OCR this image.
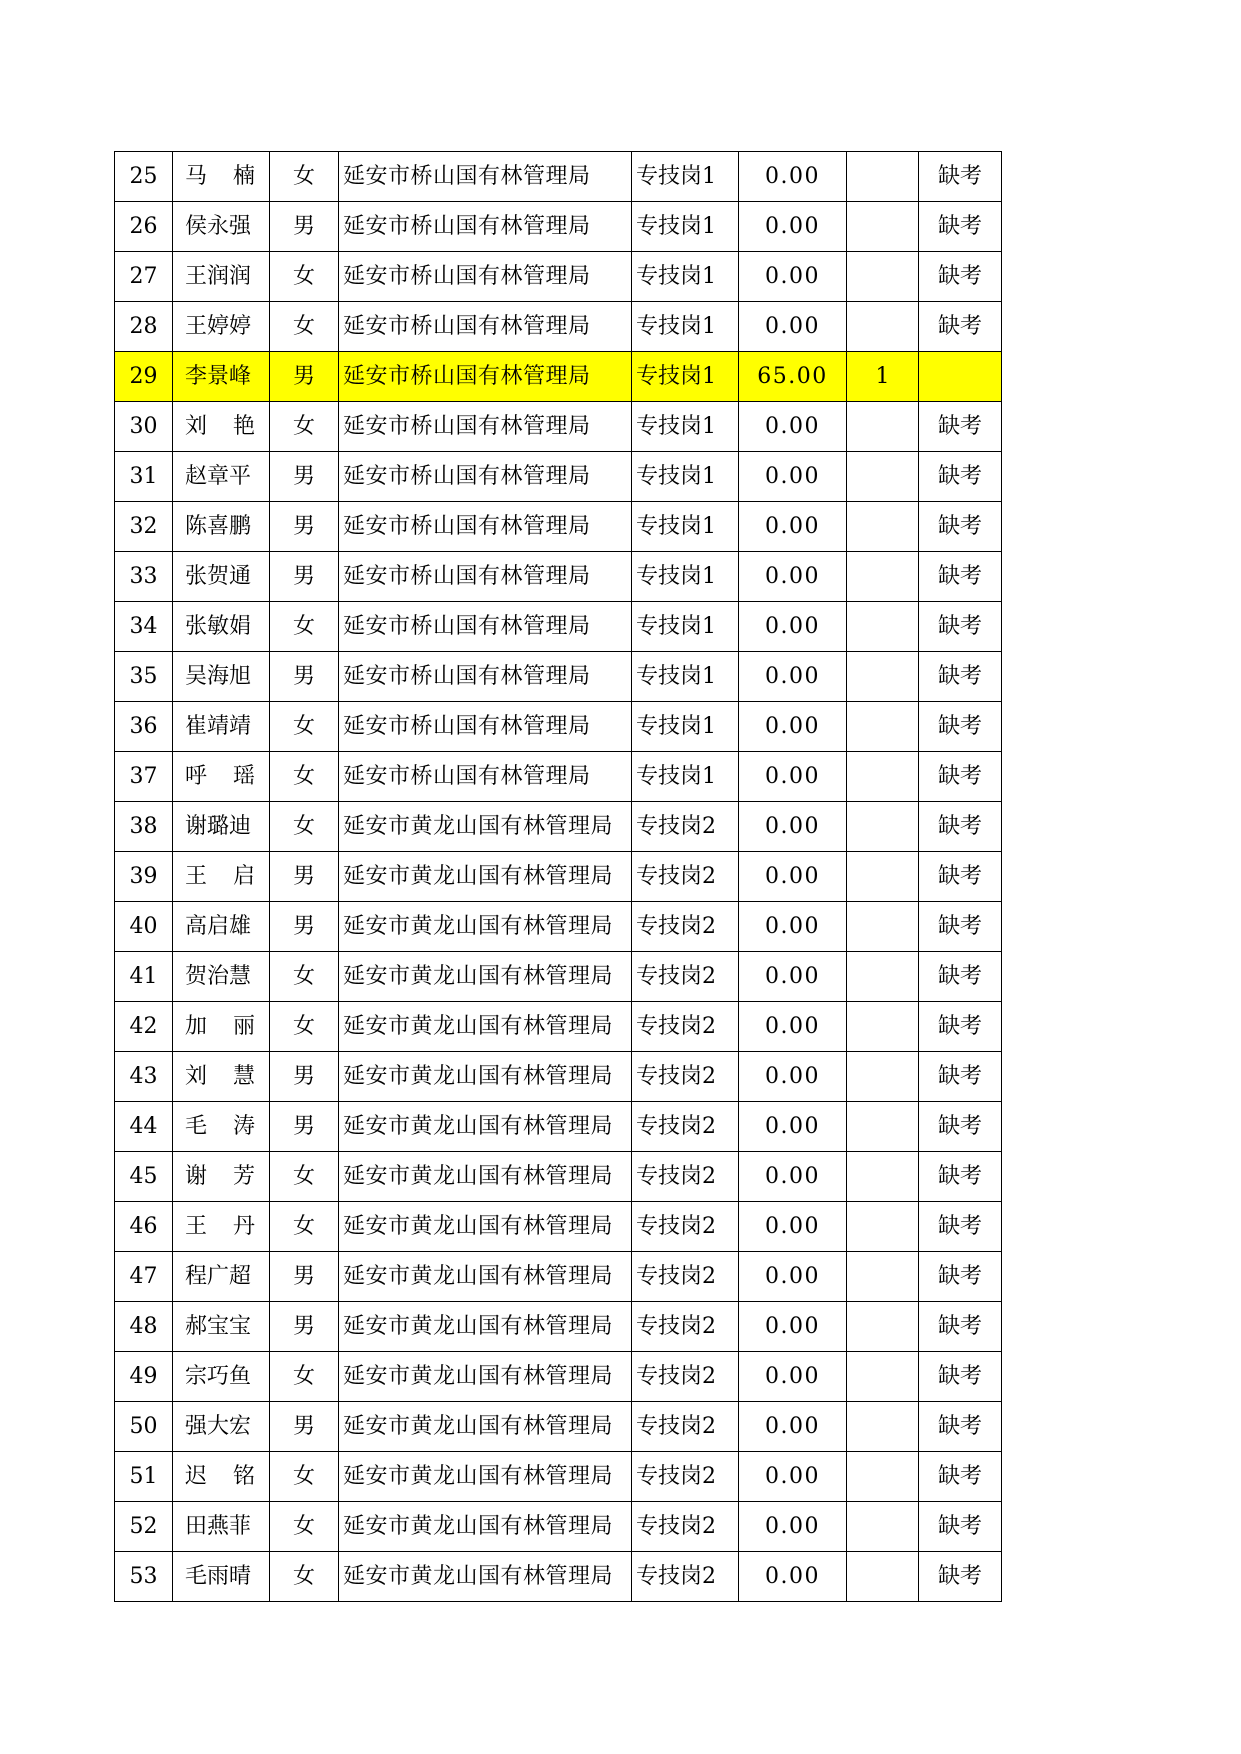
25	马 楠	女	延安市桥山国有林管理局	专技岗1	0.00		缺考
26	侯永强	男	延安市桥山国有林管理局	专技岗1	0.00		缺考
27	王润润	女	延安市桥山国有林管理局	专技岗1	0.00		缺考
28	王婷婷	女	延安市桥山国有林管理局	专技岗1	0.00		缺考
29	李景峰	男	延安市桥山国有林管理局	专技岗1	65.00	1	
30	刘 艳	女	延安市桥山国有林管理局	专技岗1	0.00		缺考
31	赵章平	男	延安市桥山国有林管理局	专技岗1	0.00		缺考
32	陈喜鹏	男	延安市桥山国有林管理局	专技岗1	0.00		缺考
33	张贺通	男	延安市桥山国有林管理局	专技岗1	0.00		缺考
34	张敏娟	女	延安市桥山国有林管理局	专技岗1	0.00		缺考
35	吴海旭	男	延安市桥山国有林管理局	专技岗1	0.00		缺考
36	崔靖靖	女	延安市桥山国有林管理局	专技岗1	0.00		缺考
37	呼 瑶	女	延安市桥山国有林管理局	专技岗1	0.00		缺考
38	谢璐迪	女	延安市黄龙山国有林管理局	专技岗2	0.00		缺考
39	王 启	男	延安市黄龙山国有林管理局	专技岗2	0.00		缺考
40	高启雄	男	延安市黄龙山国有林管理局	专技岗2	0.00		缺考
41	贺治慧	女	延安市黄龙山国有林管理局	专技岗2	0.00		缺考
42	加 丽	女	延安市黄龙山国有林管理局	专技岗2	0.00		缺考
43	刘 慧	男	延安市黄龙山国有林管理局	专技岗2	0.00		缺考
44	毛 涛	男	延安市黄龙山国有林管理局	专技岗2	0.00		缺考
45	谢 芳	女	延安市黄龙山国有林管理局	专技岗2	0.00		缺考
46	王 丹	女	延安市黄龙山国有林管理局	专技岗2	0.00		缺考
47	程广超	男	延安市黄龙山国有林管理局	专技岗2	0.00		缺考
48	郝宝宝	男	延安市黄龙山国有林管理局	专技岗2	0.00		缺考
49	宗巧鱼	女	延安市黄龙山国有林管理局	专技岗2	0.00		缺考
50	强大宏	男	延安市黄龙山国有林管理局	专技岗2	0.00		缺考
51	迟 铭	女	延安市黄龙山国有林管理局	专技岗2	0.00		缺考
52	田燕菲	女	延安市黄龙山国有林管理局	专技岗2	0.00		缺考
53	毛雨晴	女	延安市黄龙山国有林管理局	专技岗2	0.00		缺考
